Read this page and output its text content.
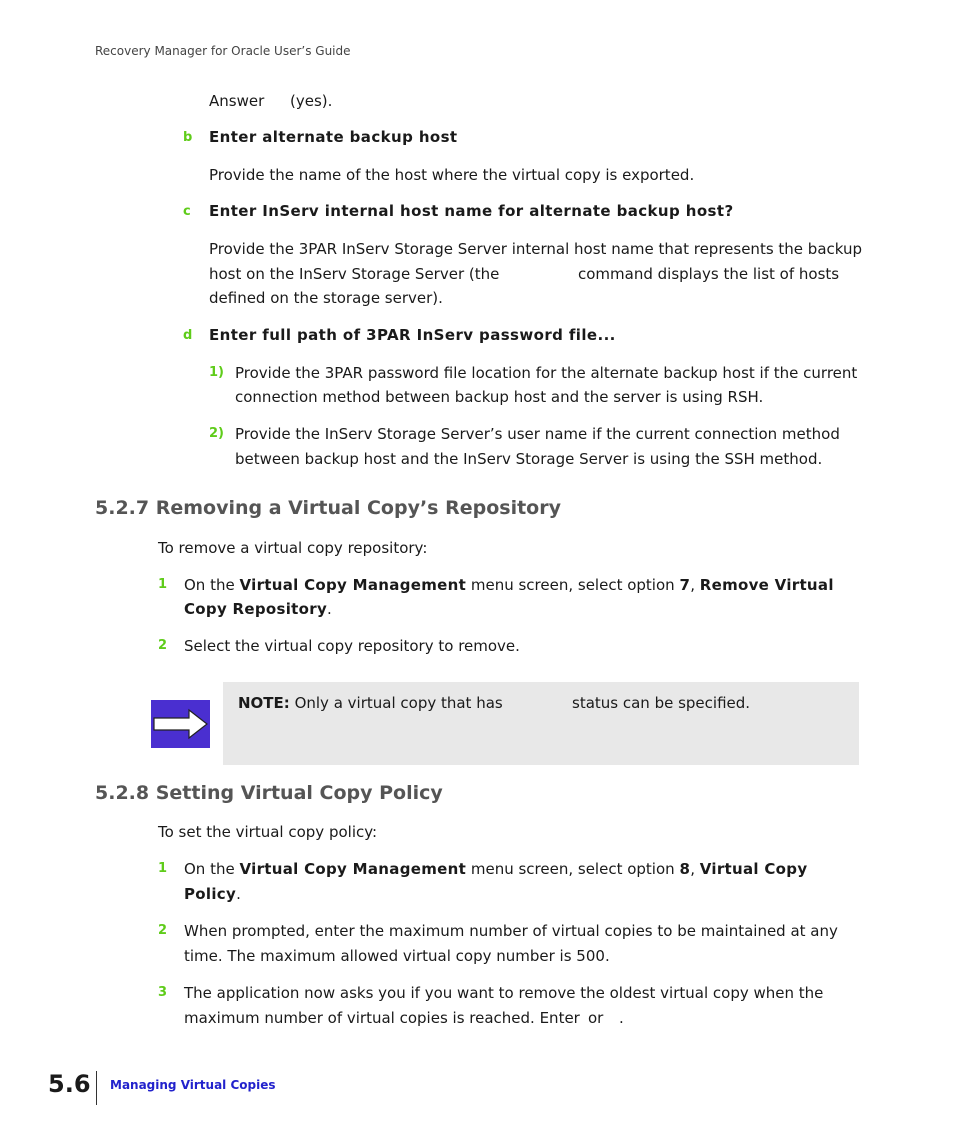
Recovery Manager for Oracle User’s Guide
Answer (yes).
b Enter alternate backup host
Provide the name of the host where the virtual copy is exported.
c Enter InServ internal host name for alternate backup host?
Provide the 3PAR InServ Storage Server internal host name that represents the backup
host on the InServ Storage Server (the	command displays the list of hosts
defined on the storage server).
d Enter full path of 3PAR InServ password file...
1) Provide the 3PAR password file location for the alternate backup host if the current
connection method between backup host and the server is using RSH.
2) Provide the InServ Storage Server’s user name if the current connection method
between backup host and the InServ Storage Server is using the SSH method.
5.2.7 Removing a Virtual Copy’s Repository
To remove a virtual copy repository:
1 On the Virtual Copy Management menu screen, select option 7, Remove Virtual
Copy Repository.
2 Select the virtual copy repository to remove.
NOTE: Only a virtual copy that has	status can be specified.
5.2.8 Setting Virtual Copy Policy
To set the virtual copy policy:
1 On the Virtual Copy Management menu screen, select option 8, Virtual Copy
Policy.
2 When prompted, enter the maximum number of virtual copies to be maintained at any
time. The maximum allowed virtual copy number is 500.
3 The application now asks you if you want to remove the oldest virtual copy when the
maximum number of virtual copies is reached. Enter or .
5.6 Managing Virtual Copies
